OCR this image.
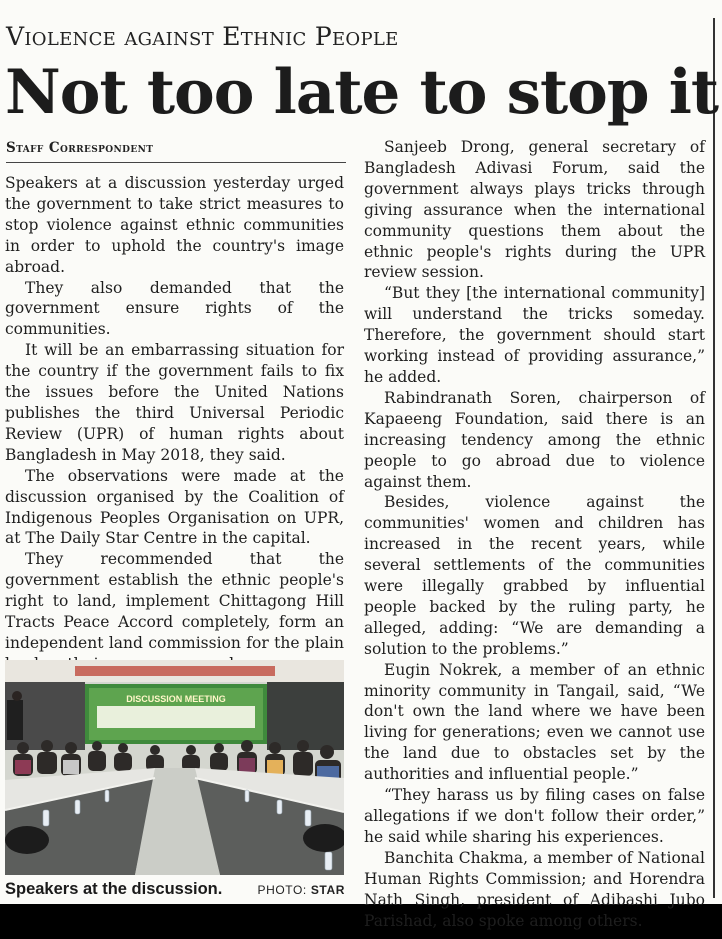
Violence against Ethnic People
Not too late to stop it
Staff Correspondent

Speakers at a discussion yesterday urged the government to take strict measures to stop violence against ethnic communities in order to uphold the country's image abroad.

They also demanded that the government ensure rights of the communities.

It will be an embarrassing situation for the country if the government fails to fix the issues before the United Nations publishes the third Universal Periodic Review (UPR) of human rights about Bangladesh in May 2018, they said.

The observations were made at the discussion organised by the Coalition of Indigenous Peoples Organisation on UPR, at The Daily Star Centre in the capital.

They recommended that the government establish the ethnic people's right to land, implement Chittagong Hill Tracts Peace Accord completely, form an independent land commission for the plain

DISCUSSION MEETING
Speakers at the discussion.	PHOTO: STAR

Sanjeeb Drong, general secretary of Bangladesh Adivasi Forum, said the government always plays tricks through giving assurance when the international community questions them about the ethnic people's rights during the UPR review session.

“But they [the international community] will understand the tricks someday. Therefore, the government should start working instead of providing assurance,” he added.

Rabindranath Soren, chairperson of Kapaeeng Foundation, said there is an increasing tendency among the ethnic people to go abroad due to violence against them.

Besides, violence against the communities' women and children has increased in the recent years, while several settlements of the communities were illegally grabbed by influential people backed by the ruling party, he alleged, adding: “We are demanding a solution to the problems.”

Eugin Nokrek, a member of an ethnic minority community in Tangail, said, “We don't own the land where we have been living for generations; even we cannot use the land due to obstacles set by the authorities and influential people.”

“They harass us by filing cases on false allegations if we don't follow their order,” he said while sharing his experiences.

Banchita Chakma, a member of National Human Rights Commission; and Horendra Nath Singh, president of Adibashi Jubo Parishad, also spoke among others.
